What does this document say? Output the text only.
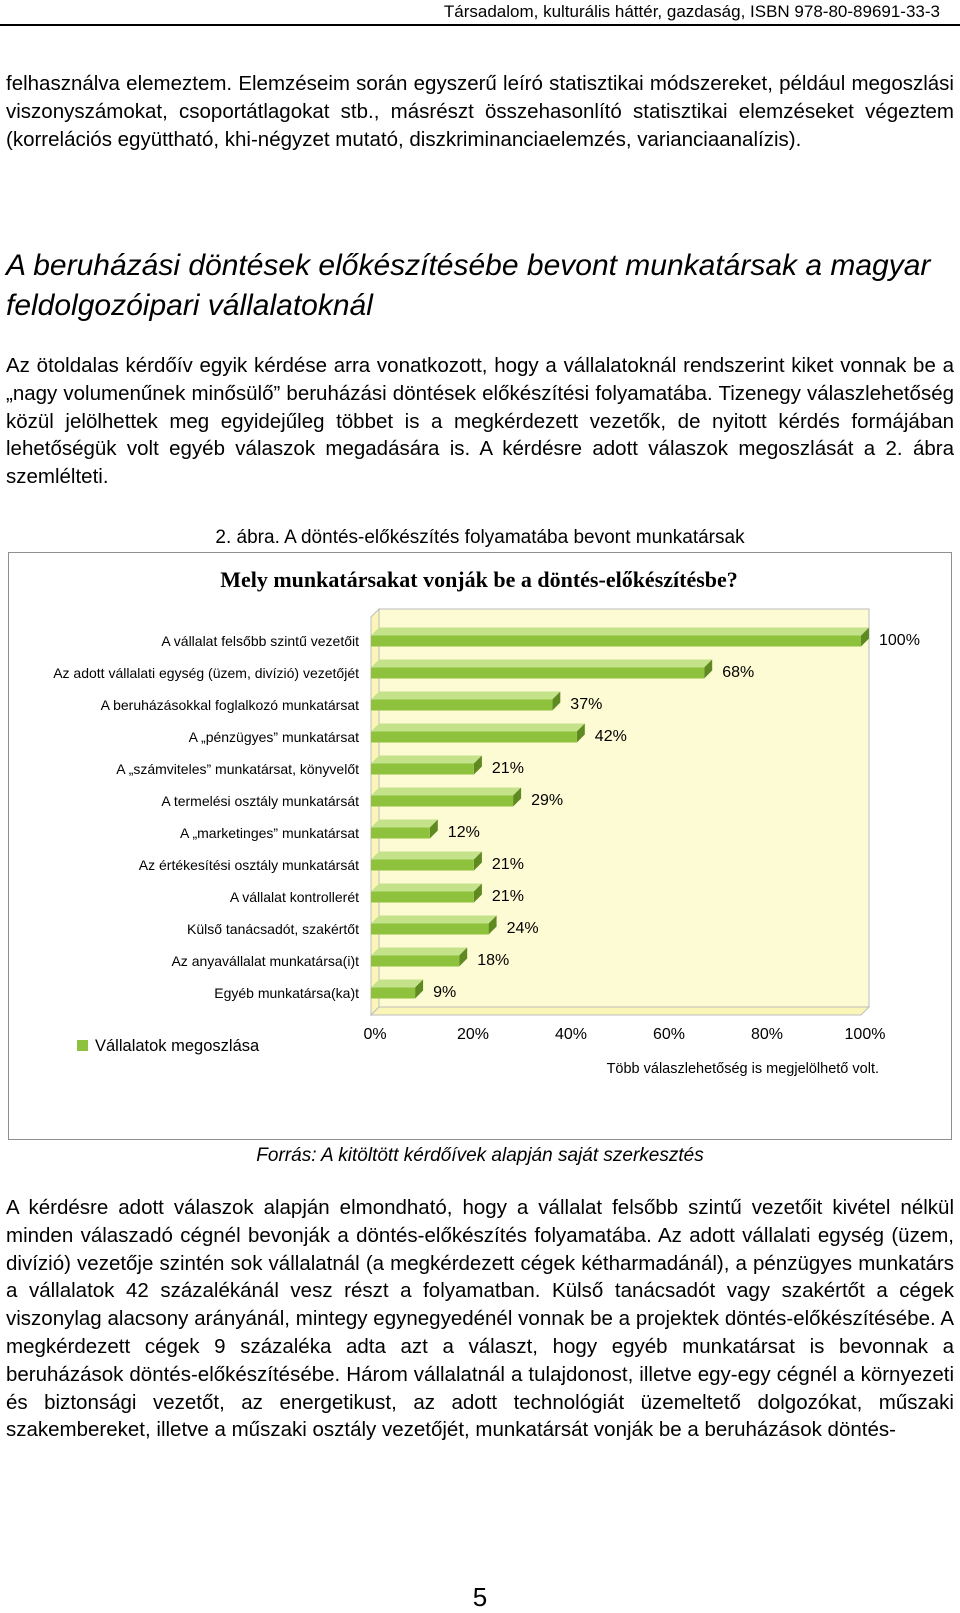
Társadalom, kulturális háttér, gazdaság, ISBN 978-80-89691-33-3

felhasználva elemeztem. Elemzéseim során egyszerű leíró statisztikai módszereket, például megoszlási viszonyszámokat, csoportátlagokat stb., másrészt összehasonlító statisztikai elemzéseket végeztem (korrelációs együttható, khi-négyzet mutató, diszkriminanciaelemzés, varianciaanalízis).

A beruházási döntések előkészítésébe bevont munkatársak a magyar feldolgozóipari vállalatoknál

Az ötoldalas kérdőív egyik kérdése arra vonatkozott, hogy a vállalatoknál rendszerint kiket vonnak be a „nagy volumenűnek minősülő” beruházási döntések előkészítési folyamatába. Tizenegy válaszlehetőség közül jelölhettek meg egyidejűleg többet is a megkérdezett vezetők, de nyitott kérdés formájában lehetőségük volt egyéb válaszok megadására is. A kérdésre adott válaszok megoszlását a 2. ábra szemlélteti.

2. ábra. A döntés-előkészítés folyamatába bevont munkatársak

Mely munkatársakat vonják be a döntés-előkészítésbe?
A vállalat felsőbb szintű vezetőit
Az adott vállalati egység (üzem, divízió) vezetőjét
A beruházásokkal foglalkozó munkatársat
A „pénzügyes” munkatársat
A „számviteles” munkatársat, könyvelőt
A termelési osztály munkatársát
A „marketinges” munkatársat
Az értékesítési osztály munkatársát
A vállalat kontrollerét
Külső tanácsadót, szakértőt
Az anyavállalat munkatársa(i)t
Egyéb munkatársa(ka)t
100%
68%
37%
42%
21%
29%
12%
21%
21%
24%
18%
9%
0%	20%	40%	60%	80%	100%
Vállalatok megoszlása
Több válaszlehetőség is megjelölhető volt.

Forrás: A kitöltött kérdőívek alapján saját szerkesztés

A kérdésre adott válaszok alapján elmondható, hogy a vállalat felsőbb szintű vezetőit kivétel nélkül minden válaszadó cégnél bevonják a döntés-előkészítés folyamatába. Az adott vállalati egység (üzem, divízió) vezetője szintén sok vállalatnál (a megkérdezett cégek kétharmadánál), a pénzügyes munkatárs a vállalatok 42 százalékánál vesz részt a folyamatban. Külső tanácsadót vagy szakértőt a cégek viszonylag alacsony arányánál, mintegy egynegyedénél vonnak be a projektek döntés-előkészítésébe. A megkérdezett cégek 9 százaléka adta azt a választ, hogy egyéb munkatársat is bevonnak a beruházások döntés-előkészítésébe. Három vállalatnál a tulajdonost, illetve egy-egy cégnél a környezeti és biztonsági vezetőt, az energetikust, az adott technológiát üzemeltető dolgozókat, műszaki szakembereket, illetve a műszaki osztály vezetőjét, munkatársát vonják be a beruházások döntés-

5
